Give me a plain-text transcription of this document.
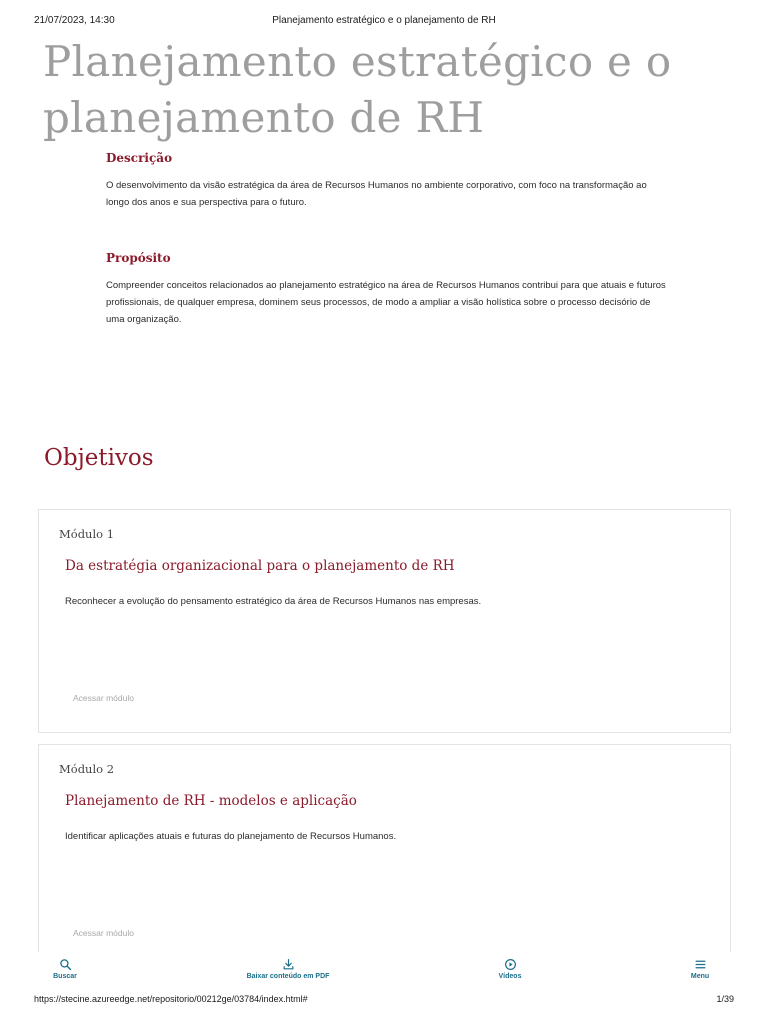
21/07/2023, 14:30	Planejamento estratégico e o planejamento de RH
Planejamento estratégico e o planejamento de RH
Descrição

O desenvolvimento da visão estratégica da área de Recursos Humanos no ambiente corporativo, com foco na transformação ao longo dos anos e sua perspectiva para o futuro.

Propósito

Compreender conceitos relacionados ao planejamento estratégico na área de Recursos Humanos contribui para que atuais e futuros profissionais, de qualquer empresa, dominem seus processos, de modo a ampliar a visão holística sobre o processo decisório de uma organização.

Objetivos
Módulo 1
Da estratégia organizacional para o planejamento de RH
Reconhecer a evolução do pensamento estratégico da área de Recursos Humanos nas empresas.
Acessar módulo
Módulo 2
Planejamento de RH - modelos e aplicação
Identificar aplicações atuais e futuras do planejamento de Recursos Humanos.
Acessar módulo
Buscar	Baixar conteúdo em PDF	Vídeos	Menu
https://stecine.azureedge.net/repositorio/00212ge/03784/index.html#	1/39
